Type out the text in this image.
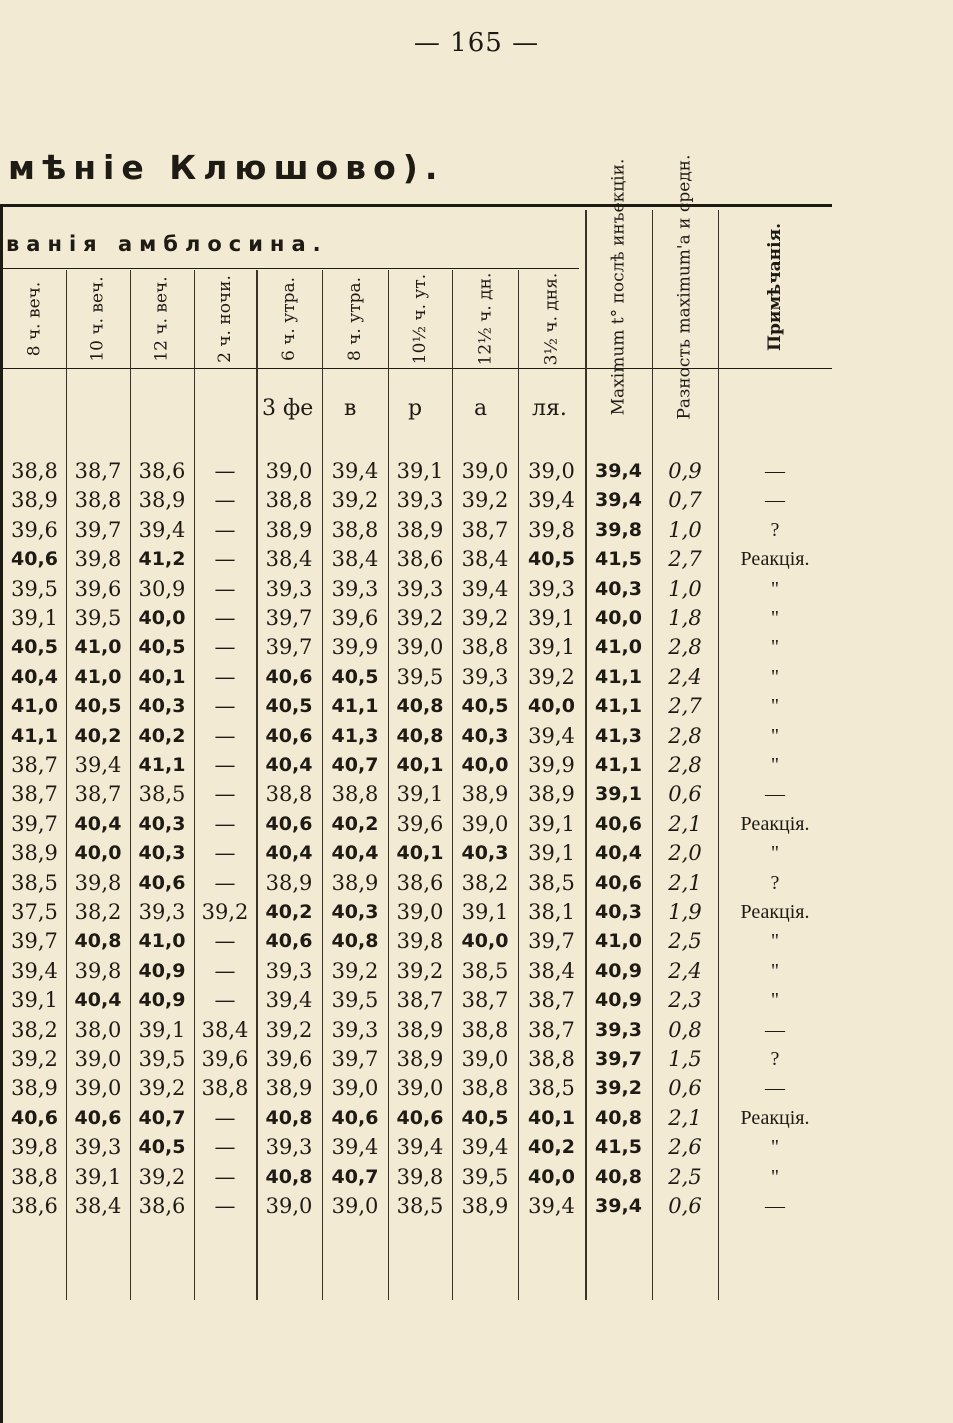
— 165 —
мѣніе Клюшово).
ванія амблосина.
8 ч. веч.	10 ч. веч.	12 ч. веч.	2 ч. ночи.	6 ч. утра.	8 ч. утра.	10½ ч. ут.	12½ ч. дн.	3½ ч. дня.	Maximum t° послѣ инъекціи.	Разность maximum'а и средн.	Примѣчанія.
3 фе в р а ля.
38,8 38,7 38,6	—	39,0 39,4 39,1 39,0 39,0	39,4	0,9	—
38,9 38,8 38,9	—	38,8 39,2 39,3 39,2 39,4	39,4	0,7	––
39,6 39,7 39,4	—	38,9 38,8 38,9 38,7 39,8	39,8	1,0	?
40,6 39,8 41,2	—	38,4 38,4 38,6 38,4	40,5	41,5	2,7	Реакція.
39,5 39,6 30,9	—	39,3 39,3 39,3 39,4 39,3	40,3	1,0	"
39,1 39,5 40,0	—	39,7 39,6 39,2 39,2 39,1	40,0	1,8	"
40,5 41,0 40,5	—	39,7 39,9 39,0 38,8 39,1	41,0	2,8	"
40,4 41,0 40,1	—	40,6	40,5 39,5 39,3 39,2	41,1	2,4	"
41,0 40,5 40,3	—	40,5	41,1 40,8 40,5	40,0	41,1	2,7	"
41,1 40,2 40,2	—	40,6	41,3 40,8 40,3 39,4	41,3	2,8	"
38,7 39,4 41,1	—	40,4	40,7 40,1 40,0 39,9	41,1	2,8	"
38,7 38,7 38,5	—	38,8 38,8 39,1 38,9 38,9	39,1	0,6	—
39,7 40,4 40,3	—	40,6	40,2 39,6 39,0 39,1	40,6	2,1	Реакція.
38,9 40,0 40,3	—	40,4	40,4 40,1 40,3 39,1	40,4	2,0	"
38,5 39,8 40,6	—	38,9 38,9 38,6 38,2 38,5	40,6	2,1	?
37,5 38,2 39,3 39,2 40,2	40,3 39,0 39,1 38,1	40,3	1,9	Реакція.
39,7 40,8 41,0	—	40,6	40,8 39,8 40,0 39,7	41,0	2,5	"
39,4 39,8 40,9	—	39,3 39,2 39,2 38,5 38,4	40,9	2,4	"
39,1 40,4 40,9	—	39,4 39,5 38,7 38,7 38,7	40,9	2,3	"
38,2 38,0 39,1 38,4 39,2 39,3 38,9 38,8 38,7	39,3	0,8	—
39,2 39,0 39,5 39,6 39,6 39,7 38,9 39,0 38,8	39,7	1,5	?
38,9 39,0 39,2 38,8 38,9 39,0 39,0 38,8 38,5	39,2	0,6	—
40,6 40,6 40,7	—	40,8	40,6 40,6 40,5	40,1	40,8	2,1	Реакція.
39,8 39,3 40,5	—	39,3 39,4 39,4 39,4	40,2	41,5	2,6	"
38,8 39,1 39,2	—	40,8	40,7 39,8 39,5	40,0	40,8	2,5	"
38,6 38,4 38,6	—	39,0 39,0 38,5 38,9 39,4	39,4	0,6	—
